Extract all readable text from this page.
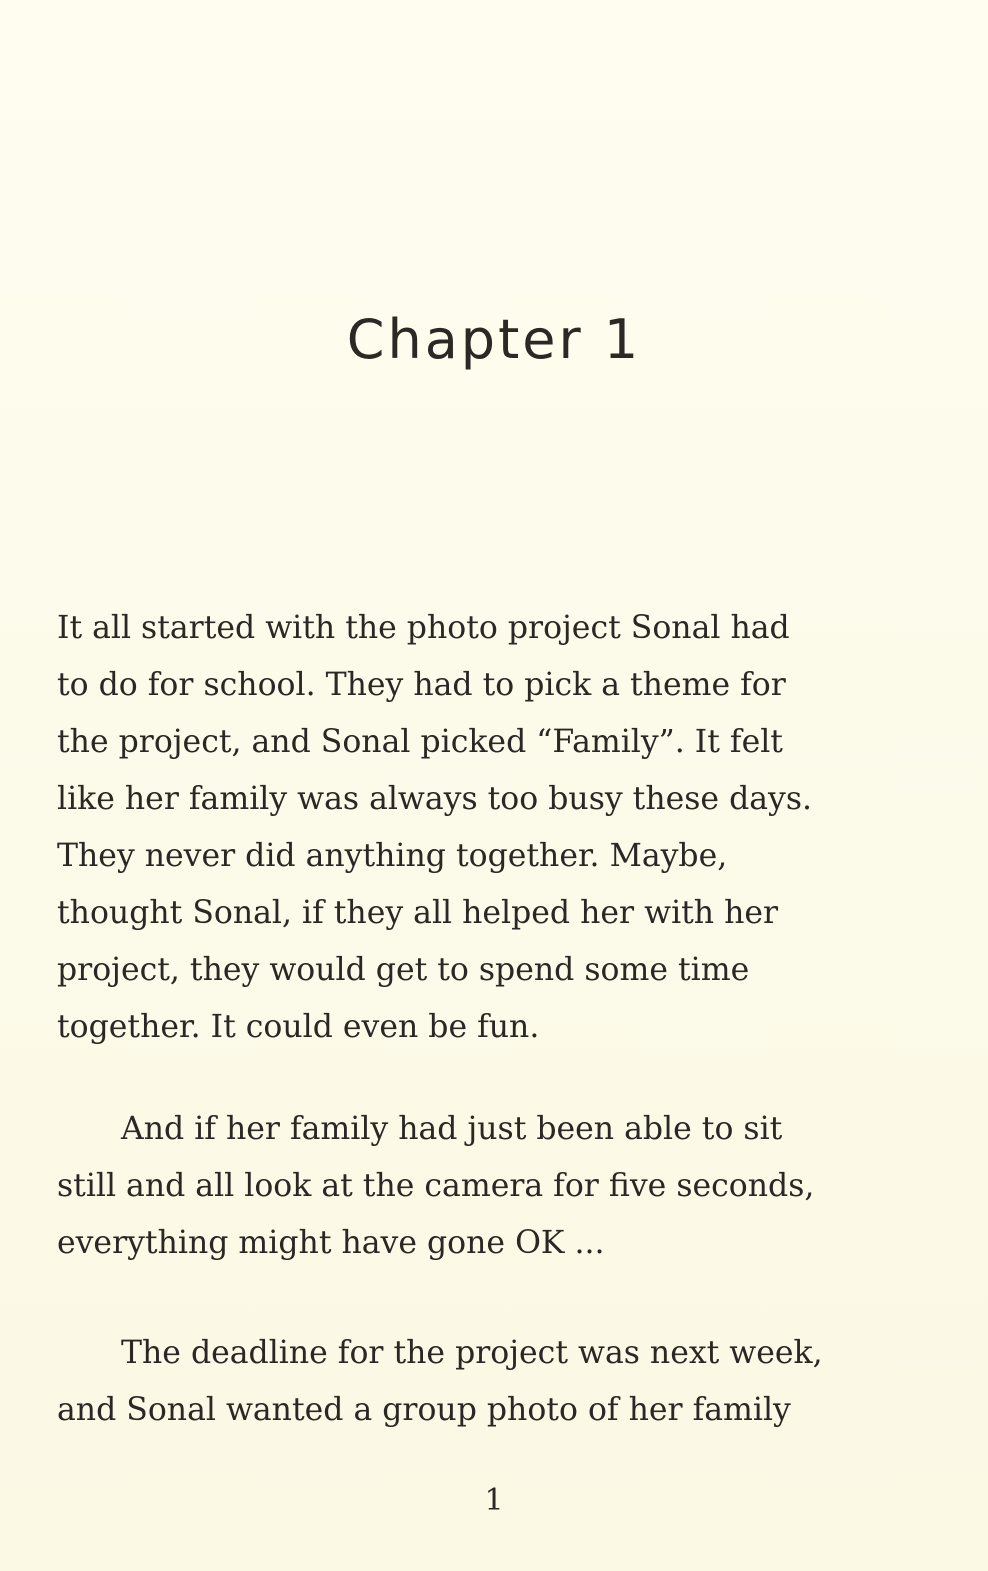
Chapter 1

It all started with the photo project Sonal had
to do for school. They had to pick a theme for
the project, and Sonal picked “Family”. It felt
like her family was always too busy these days.
They never did anything together. Maybe,
thought Sonal, if they all helped her with her
project, they would get to spend some time
together. It could even be fun.

And if her family had just been able to sit
still and all look at the camera for five seconds,
everything might have gone OK ...

The deadline for the project was next week,
and Sonal wanted a group photo of her family

1
